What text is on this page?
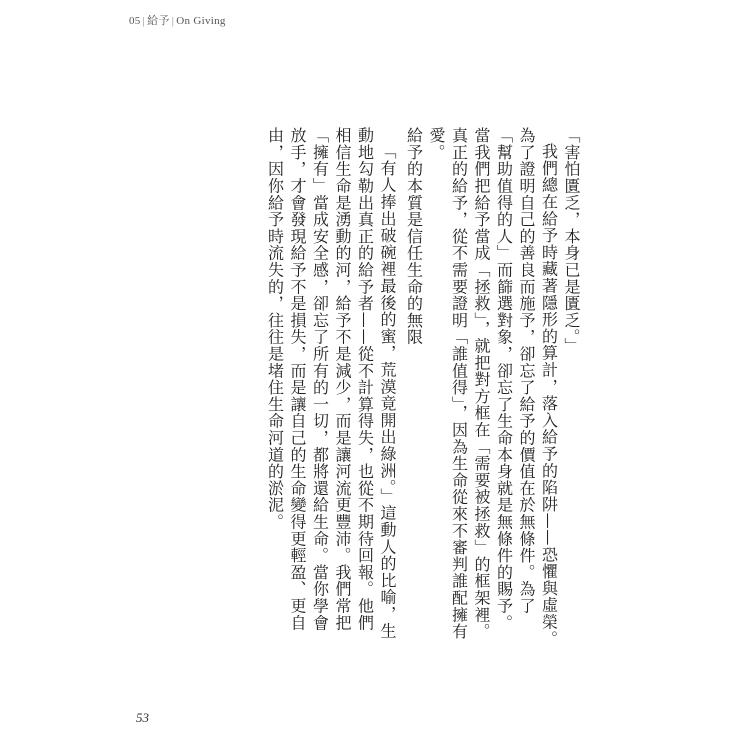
05 | 給予 | On Giving

「害怕匱乏，本身已是匱乏。」

我們總在給予時藏著隱形的算計，落入給予的陷阱——恐懼與虛榮。為了證明自己的善良而施予，卻忘了給予的價值在於無條件。為了「幫助值得的人」而篩選對象，卻忘了生命本身就是無條件的賜予。當我們把給予當成「拯救」，就把對方框在「需要被拯救」的框架裡。真正的給予，從不需要證明「誰值得」，因為生命從來不審判誰配擁有愛。

給予的本質是信任生命的無限

「有人捧出破碗裡最後的蜜，荒漠竟開出綠洲。」這動人的比喻，生動地勾勒出真正的給予者——從不計算得失，也從不期待回報。他們相信生命是湧動的河，給予不是減少，而是讓河流更豐沛。我們常把「擁有」當成安全感，卻忘了所有的一切，都將還給生命。當你學會放手，才會發現給予不是損失，而是讓自己的生命變得更輕盈、更自由，因你給予時流失的，往往是堵住生命河道的淤泥。

53
